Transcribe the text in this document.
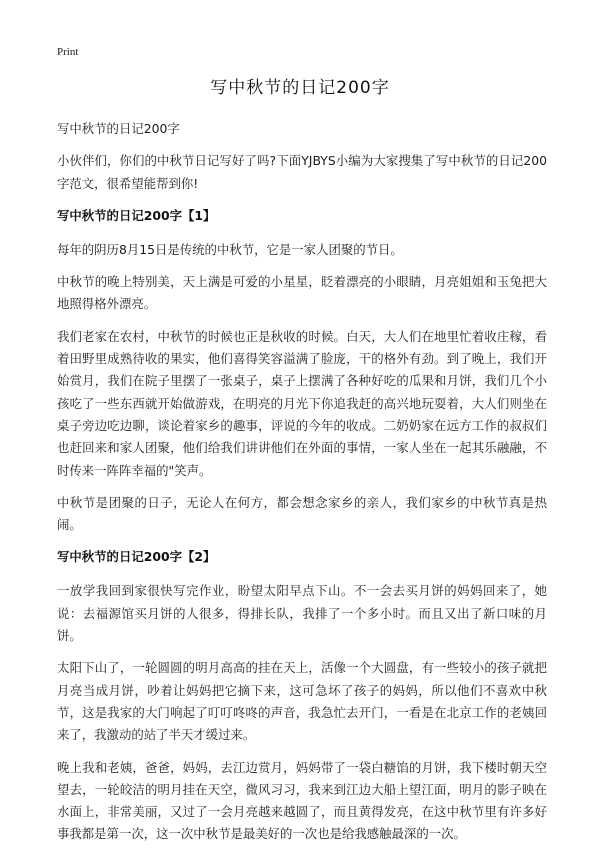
Print
写中秋节的日记200字

写中秋节的日记200字

小伙伴们，你们的中秋节日记写好了吗?下面YJBYS小编为大家搜集了写中秋节的日记200字范文，很希望能帮到你!

写中秋节的日记200字【1】

每年的阴历8月15日是传统的中秋节，它是一家人团聚的节日。

中秋节的晚上特别美，天上满是可爱的小星星，眨着漂亮的小眼睛，月亮姐姐和玉兔把大地照得格外漂亮。

我们老家在农村，中秋节的时候也正是秋收的时候。白天，大人们在地里忙着收庄稼，看着田野里成熟待收的果实，他们喜得笑容溢满了脸庞，干的格外有劲。到了晚上，我们开始赏月，我们在院子里摆了一张桌子，桌子上摆满了各种好吃的瓜果和月饼，我们几个小孩吃了一些东西就开始做游戏，在明亮的月光下你追我赶的高兴地玩耍着，大人们则坐在桌子旁边吃边聊，谈论着家乡的趣事，评说的今年的收成。二奶奶家在远方工作的叔叔们也赶回来和家人团聚，他们给我们讲讲他们在外面的事情，一家人坐在一起其乐融融，不时传来一阵阵幸福的"笑声。

中秋节是团聚的日子，无论人在何方，都会想念家乡的亲人，我们家乡的中秋节真是热闹。

写中秋节的日记200字【2】

一放学我回到家很快写完作业，盼望太阳早点下山。不一会去买月饼的妈妈回来了，她说：去福源馆买月饼的人很多，得排长队，我排了一个多小时。而且又出了新口味的月饼。

太阳下山了，一轮圆圆的明月高高的挂在天上，活像一个大圆盘，有一些较小的孩子就把月亮当成月饼，吵着让妈妈把它摘下来，这可急坏了孩子的妈妈，所以他们不喜欢中秋节，这是我家的大门响起了叮叮咚咚的声音，我急忙去开门，一看是在北京工作的老姨回来了，我激动的站了半天才缓过来。

晚上我和老姨，爸爸，妈妈，去江边赏月，妈妈带了一袋白糖馅的月饼，我下楼时朝天空望去，一轮皎洁的明月挂在天空，微风习习，我来到江边大船上望江面，明月的影子映在水面上，非常美丽，又过了一会月亮越来越圆了，而且黄得发亮，在这中秋节里有许多好事我都是第一次，这一次中秋节是最美好的一次也是给我感触最深的一次。
